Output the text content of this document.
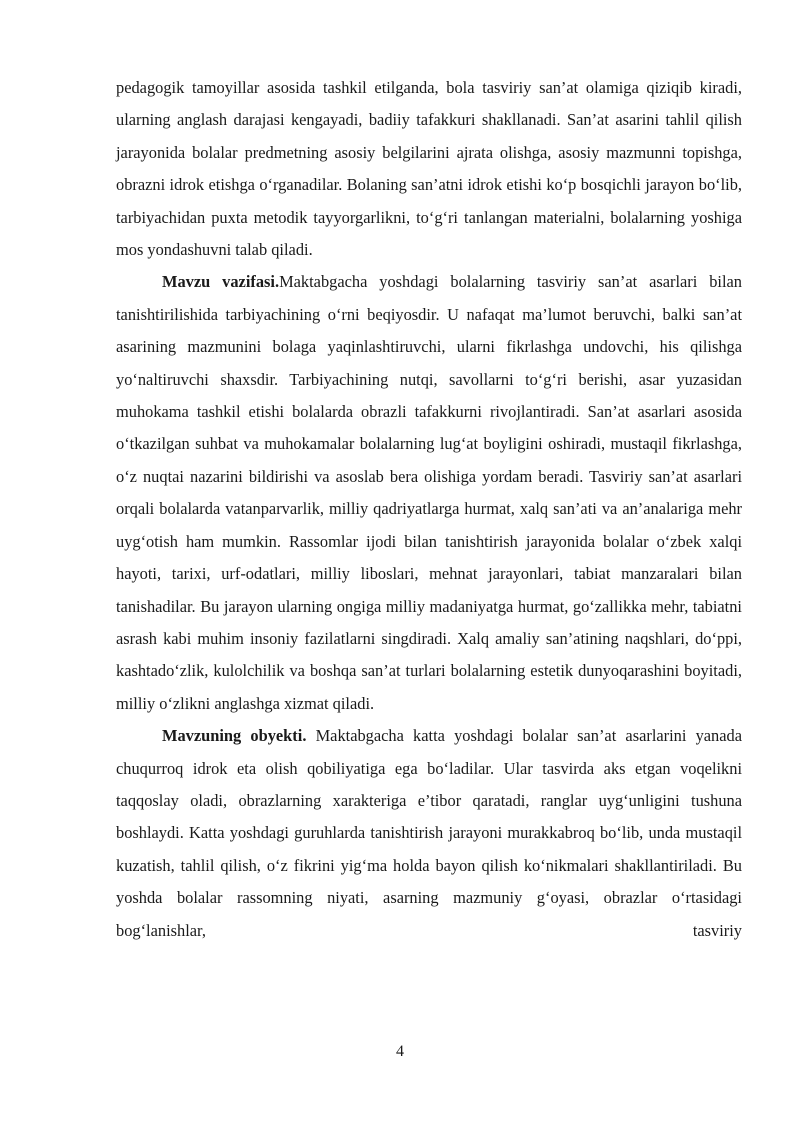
pedagogik tamoyillar asosida tashkil etilganda, bola tasviriy san’at olamiga qiziqib kiradi, ularning anglash darajasi kengayadi, badiiy tafakkuri shakllanadi. San’at asarini tahlil qilish jarayonida bolalar predmetning asosiy belgilarini ajrata olishga, asosiy mazmunni topishga, obrazni idrok etishga o‘rganadilar. Bolaning san’atni idrok etishi ko‘p bosqichli jarayon bo‘lib, tarbiyachidan puxta metodik tayyorgarlikni, to‘g‘ri tanlangan materialni, bolalarning yoshiga mos yondashuvni talab qiladi.

Mavzu vazifasi.Maktabgacha yoshdagi bolalarning tasviriy san’at asarlari bilan tanishtirilishida tarbiyachining o‘rni beqiyosdir. U nafaqat ma’lumot beruvchi, balki san’at asarining mazmunini bolaga yaqinlashtiruvchi, ularni fikrlashga undovchi, his qilishga yo‘naltiruvchi shaxsdir. Tarbiyachining nutqi, savollarni to‘g‘ri berishi, asar yuzasidan muhokama tashkil etishi bolalarda obrazli tafakkurni rivojlantiradi. San’at asarlari asosida o‘tkazilgan suhbat va muhokamalar bolalarning lug‘at boyligini oshiradi, mustaqil fikrlashga, o‘z nuqtai nazarini bildirishi va asoslab bera olishiga yordam beradi. Tasviriy san’at asarlari orqali bolalarda vatanparvarlik, milliy qadriyatlarga hurmat, xalq san’ati va an’analariga mehr uyg‘otish ham mumkin. Rassomlar ijodi bilan tanishtirish jarayonida bolalar o‘zbek xalqi hayoti, tarixi, urf-odatlari, milliy liboslari, mehnat jarayonlari, tabiat manzaralari bilan tanishadilar. Bu jarayon ularning ongiga milliy madaniyatga hurmat, go‘zallikka mehr, tabiatni asrash kabi muhim insoniy fazilatlarni singdiradi. Xalq amaliy san’atining naqshlari, do‘ppi, kashtado‘zlik, kulolchilik va boshqa san’at turlari bolalarning estetik dunyoqarashini boyitadi, milliy o‘zlikni anglashga xizmat qiladi.

Mavzuning obyekti. Maktabgacha katta yoshdagi bolalar san’at asarlarini yanada chuqurroq idrok eta olish qobiliyatiga ega bo‘ladilar. Ular tasvirda aks etgan voqelikni taqqoslay oladi, obrazlarning xarakteriga e’tibor qaratadi, ranglar uyg‘unligini tushuna boshlaydi. Katta yoshdagi guruhlarda tanishtirish jarayoni murakkabroq bo‘lib, unda mustaqil kuzatish, tahlil qilish, o‘z fikrini yig‘ma holda bayon qilish ko‘nikmalari shakllantiriladi. Bu yoshda bolalar rassomning niyati, asarning mazmuniy g‘oyasi, obrazlar o‘rtasidagi bog‘lanishlar, tasviriy

4
